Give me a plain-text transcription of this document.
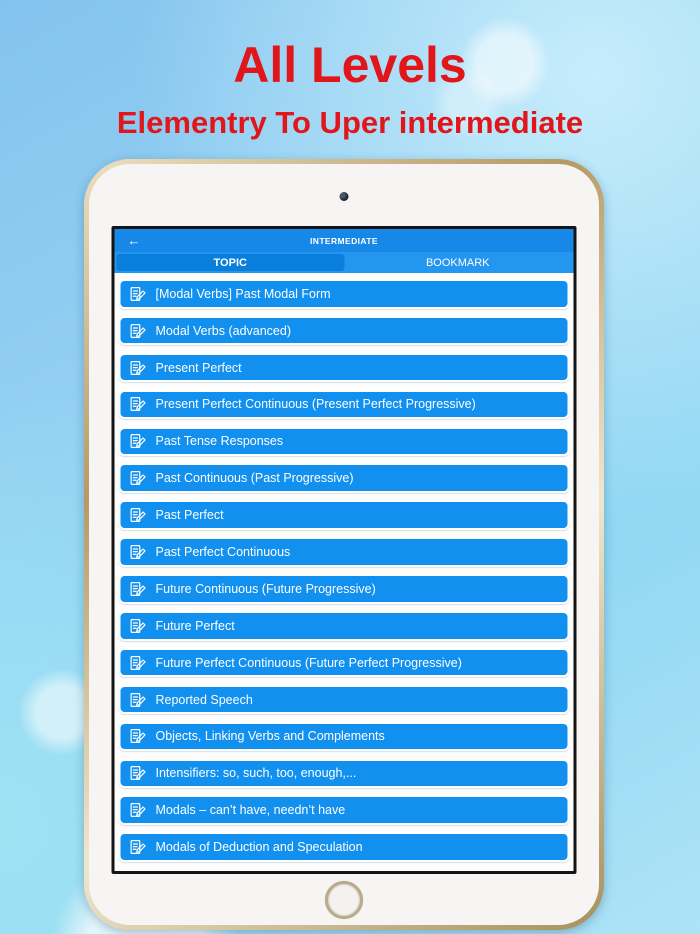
All Levels
Elementry To Uper intermediate
←	INTERMEDIATE
TOPIC	BOOKMARK
[Modal Verbs] Past Modal Form
Modal Verbs (advanced)
Present Perfect
Present Perfect Continuous (Present Perfect Progressive)
Past Tense Responses
Past Continuous (Past Progressive)
Past Perfect
Past Perfect Continuous
Future Continuous (Future Progressive)
Future Perfect
Future Perfect Continuous (Future Perfect Progressive)
Reported Speech
Objects, Linking Verbs and Complements
Intensifiers: so, such, too, enough,...
Modals – can’t have, needn’t have
Modals of Deduction and Speculation
